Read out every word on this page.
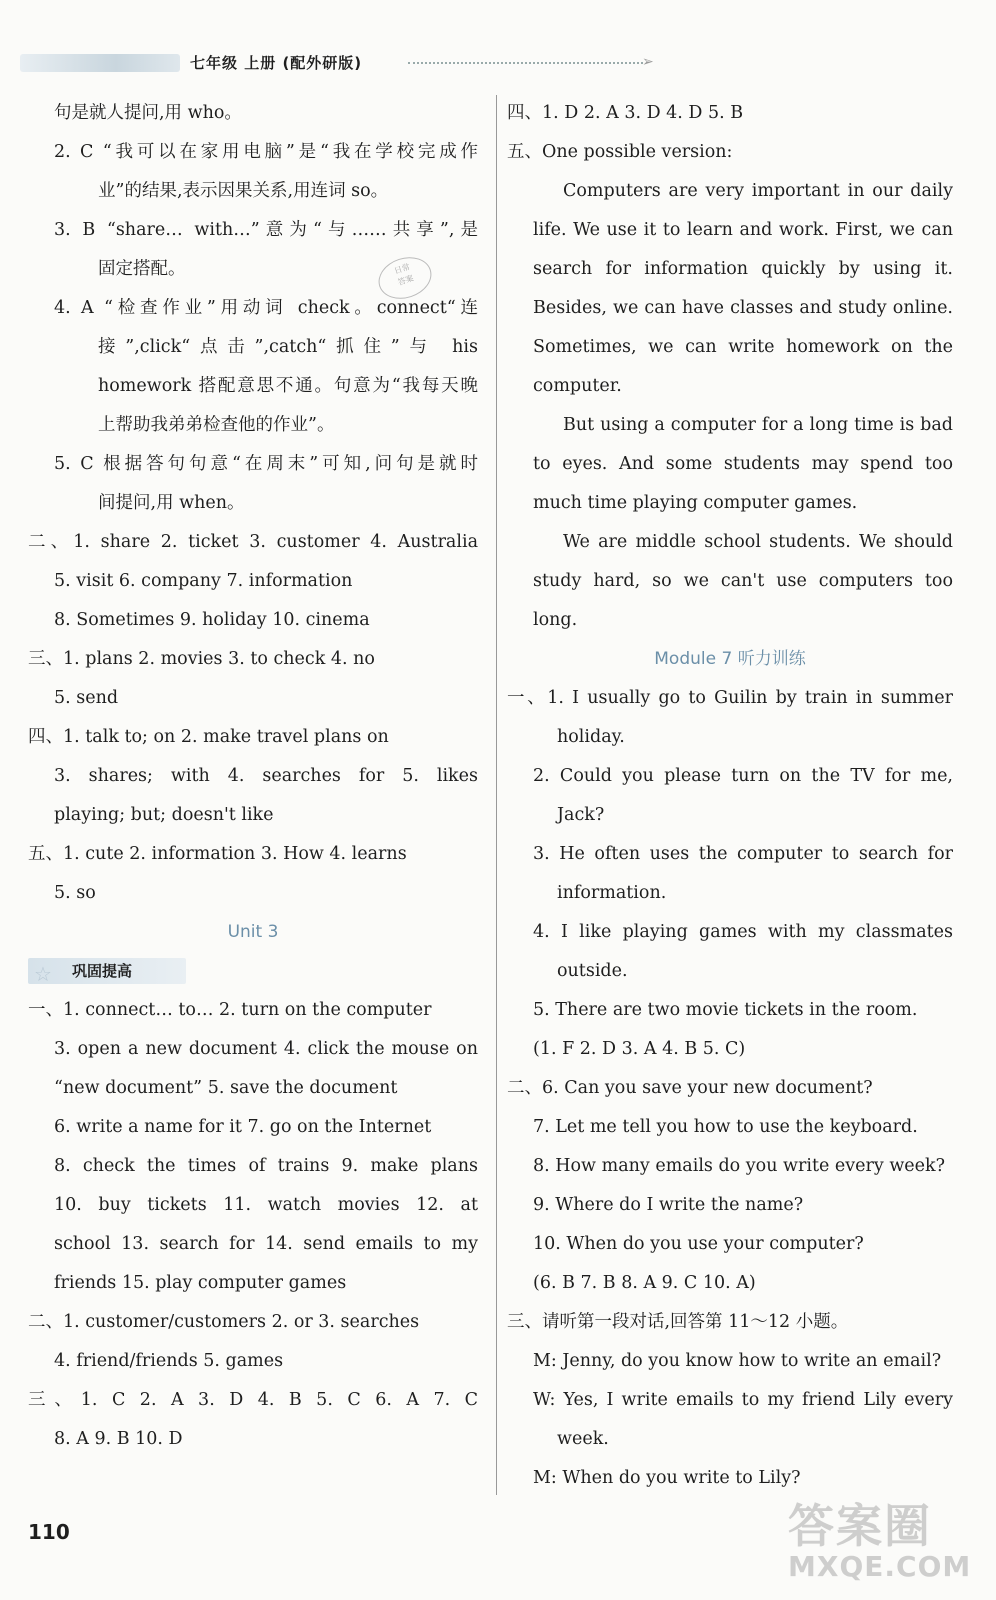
七年级 上册 (配外研版)	➢
日常
答案
句是就人提问,用 who。
2. C “我可以在家用电脑”是“我在学校完成作
业”的结果,表示因果关系,用连词 so。
3. B “share… with…”意为“与……共享”,是
固定搭配。
4. A “检查作业”用动词 check。connect“连
接”,click“点击”,catch“抓住”与 his
homework 搭配意思不通。句意为“我每天晚
上帮助我弟弟检查他的作业”。
5. C 根据答句句意“在周末”可知,问句是就时
间提问,用 when。
二、1. share 2. ticket 3. customer 4. Australia
5. visit 6. company 7. information
8. Sometimes 9. holiday 10. cinema
三、1. plans 2. movies 3. to check 4. no
5. send
四、1. talk to; on 2. make travel plans on
3. shares; with 4. searches for 5. likes
playing; but; doesn't like
五、1. cute 2. information 3. How 4. learns
5. so
Unit 3
☆ 巩固提高
一、1. connect… to… 2. turn on the computer
3. open a new document 4. click the mouse on
“new document” 5. save the document
6. write a name for it 7. go on the Internet
8. check the times of trains 9. make plans
10. buy tickets 11. watch movies 12. at
school 13. search for 14. send emails to my
friends 15. play computer games
二、1. customer/customers 2. or 3. searches
4. friend/friends 5. games
三、1. C 2. A 3. D 4. B 5. C 6. A 7. C
8. A 9. B 10. D
四、1. D 2. A 3. D 4. D 5. B
五、One possible version:
Computers are very important in our daily
life. We use it to learn and work. First, we can
search for information quickly by using it.
Besides, we can have classes and study online.
Sometimes, we can write homework on the
computer.
But using a computer for a long time is bad
to eyes. And some students may spend too
much time playing computer games.
We are middle school students. We should
study hard, so we can't use computers too
long.
Module 7 听力训练
一、1. I usually go to Guilin by train in summer
holiday.
2. Could you please turn on the TV for me,
Jack?
3. He often uses the computer to search for
information.
4. I like playing games with my classmates
outside.
5. There are two movie tickets in the room.
(1. F 2. D 3. A 4. B 5. C)
二、6. Can you save your new document?
7. Let me tell you how to use the keyboard.
8. How many emails do you write every week?
9. Where do I write the name?
10. When do you use your computer?
(6. B 7. B 8. A 9. C 10. A)
三、请听第一段对话,回答第 11～12 小题。
M: Jenny, do you know how to write an email?
W: Yes, I write emails to my friend Lily every
week.
M: When do you write to Lily?
110	答案圈
MXQE.COM
